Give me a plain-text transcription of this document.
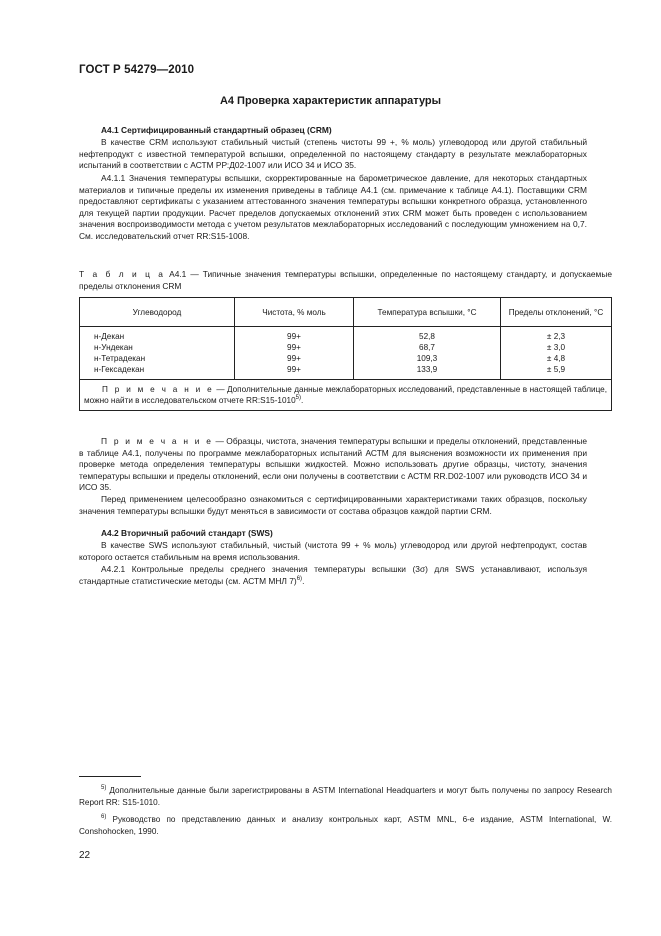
ГОСТ Р 54279—2010
А4 Проверка характеристик аппаратуры

А4.1 Сертифицированный стандартный образец (CRM)

В качестве CRM используют стабильный чистый (степень чистоты 99 +, % моль) углеводород или другой стабильный нефтепродукт с известной температурой вспышки, определенной по настоящему стандарту в результате межлабораторных испытаний в соответствии с АСТМ РР:Д02-1007 или ИСО 34 и ИСО 35.

А4.1.1 Значения температуры вспышки, скорректированные на барометрическое давление, для некоторых стандартных материалов и типичные пределы их изменения приведены в таблице А4.1 (см. примечание к таблице А4.1). Поставщики CRM предоставляют сертификаты с указанием аттестованного значения температуры вспышки конкретного образца, установленного для текущей партии продукции. Расчет пределов допускаемых отклонений этих CRM может быть проведен с использованием значения воспроизводимости метода с учетом результатов межлабораторных исследований с последующим умножением на 0,7. См. исследовательский отчет RR:S15-1008.

Т а б л и ц а А4.1 — Типичные значения температуры вспышки, определенные по настоящему стандарту, и допускаемые пределы отклонения CRM

Углеводород	Чистота, % моль	Температура вспышки, °С	Пределы отклонений, °С
н-Декан	99+	52,8	± 2,3
н-Ундекан	99+	68,7	± 3,0
н-Тетрадекан	99+	109,3	± 4,8
н-Гексадекан	99+	133,9	± 5,9
П р и м е ч а н и е — Дополнительные данные межлабораторных исследований, представленные в настоящей таблице, можно найти в исследовательском отчете RR:S15-1010$^{5)}$.			

П р и м е ч а н и е — Образцы, чистота, значения температуры вспышки и пределы отклонений, представленные в таблице А4.1, получены по программе межлабораторных испытаний АСТМ для выяснения возможности их применения при проверке метода определения температуры вспышки жидкостей. Можно использовать другие образцы, чистоту, значения температуры вспышки и пределы отклонений, если они получены в соответствии с АСТМ RR.D02-1007 или руководств ИСО 34 и ИСО 35.

Перед применением целесообразно ознакомиться с сертифицированными характеристиками таких образцов, поскольку значения температуры вспышки будут меняться в зависимости от состава образцов каждой партии CRM.

А4.2 Вторичный рабочий стандарт (SWS)

В качестве SWS используют стабильный, чистый (чистота 99 + % моль) углеводород или другой нефтепродукт, состав которого остается стабильным на время использования.

А4.2.1 Контрольные пределы среднего значения температуры вспышки (3σ) для SWS устанавливают, используя стандартные статистические методы (см. АСТМ МНЛ 7)$^{6)}$.

$^{5)}$ Дополнительные данные были зарегистрированы в ASTM International Headquarters и могут быть получены по запросу Research Report RR: S15-1010.

$^{6)}$ Руководство по представлению данных и анализу контрольных карт, ASTM MNL, 6-е издание, ASTM International, W. Conshohocken, 1990.

22
